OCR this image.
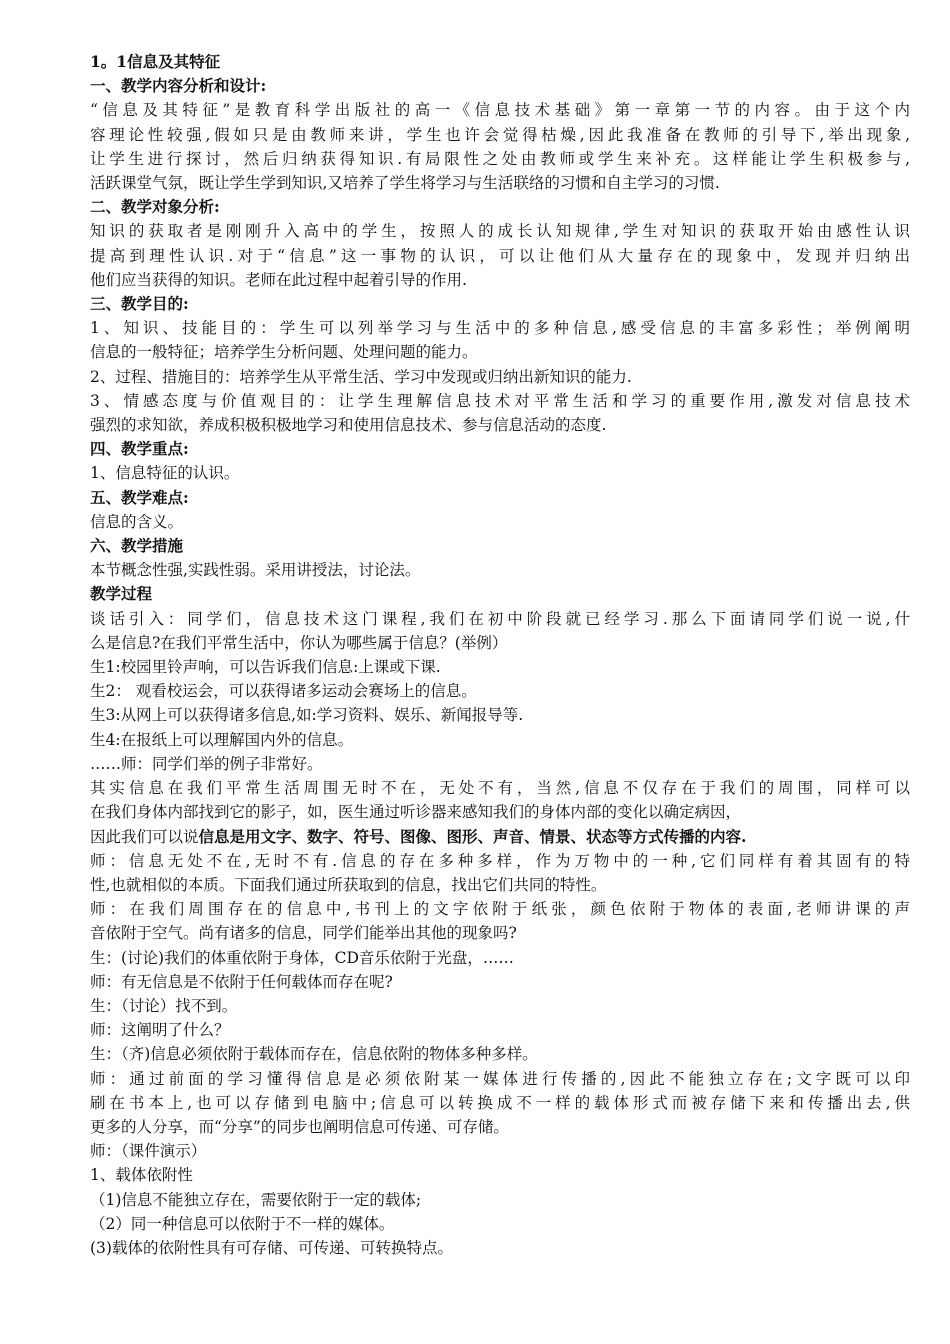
1。1信息及其特征
一、教学内容分析和设计:
“信息及其特征”是教育科学出版社的高一《信息技术基础》第一章第一节的内容。由于这个内
容理论性较强,假如只是由教师来讲，学生也许会觉得枯燥,因此我准备在教师的引导下,举出现象,
让学生进行探讨，然后归纳获得知识.有局限性之处由教师或学生来补充。这样能让学生积极参与,
活跃课堂气氛，既让学生学到知识,又培养了学生将学习与生活联络的习惯和自主学习的习惯.
二、教学对象分析:
知识的获取者是刚刚升入高中的学生，按照人的成长认知规律,学生对知识的获取开始由感性认识
提高到理性认识.对于“信息”这一事物的认识，可以让他们从大量存在的现象中，发现并归纳出
他们应当获得的知识。老师在此过程中起着引导的作用.
三、教学目的:
1、知识、技能目的：学生可以列举学习与生活中的多种信息,感受信息的丰富多彩性；举例阐明
信息的一般特征；培养学生分析问题、处理问题的能力。
2、过程、措施目的：培养学生从平常生活、学习中发现或归纳出新知识的能力.
3、情感态度与价值观目的：让学生理解信息技术对平常生活和学习的重要作用,激发对信息技术
强烈的求知欲，养成积极积极地学习和使用信息技术、参与信息活动的态度.
四、教学重点:
1、信息特征的认识。
五、教学难点:
信息的含义。
六、教学措施
本节概念性强,实践性弱。采用讲授法，讨论法。
教学过程
谈话引入：同学们，信息技术这门课程,我们在初中阶段就已经学习.那么下面请同学们说一说,什
么是信息?在我们平常生活中，你认为哪些属于信息？(举例）
生1:校园里铃声响，可以告诉我们信息:上课或下课.
生2： 观看校运会，可以获得诸多运动会赛场上的信息。
生3:从网上可以获得诸多信息,如:学习资料、娱乐、新闻报导等.
生4:在报纸上可以理解国内外的信息。
……师：同学们举的例子非常好。
其实信息在我们平常生活周围无时不在，无处不有，当然,信息不仅存在于我们的周围，同样可以
在我们身体内部找到它的影子，如，医生通过听诊器来感知我们的身体内部的变化以确定病因，
因此我们可以说信息是用文字、数字、符号、图像、图形、声音、情景、状态等方式传播的内容.
师：信息无处不在,无时不有.信息的存在多种多样，作为万物中的一种,它们同样有着其固有的特
性,也就相似的本质。下面我们通过所获取到的信息，找出它们共同的特性。
师：在我们周围存在的信息中,书刊上的文字依附于纸张，颜色依附于物体的表面,老师讲课的声
音依附于空气。尚有诸多的信息，同学们能举出其他的现象吗?
生：(讨论)我们的体重依附于身体，CD音乐依附于光盘，……
师：有无信息是不依附于任何载体而存在呢?
生：（讨论）找不到。
师：这阐明了什么？
生：（齐)信息必须依附于载体而存在，信息依附的物体多种多样。
师：通过前面的学习懂得信息是必须依附某一媒体进行传播的,因此不能独立存在;文字既可以印
刷在书本上,也可以存储到电脑中;信息可以转换成不一样的载体形式而被存储下来和传播出去,供
更多的人分享，而“分享”的同步也阐明信息可传递、可存储。
师：（课件演示）
1、载体依附性
（1)信息不能独立存在，需要依附于一定的载体;
（2）同一种信息可以依附于不一样的媒体。
(3)载体的依附性具有可存储、可传递、可转换特点。
